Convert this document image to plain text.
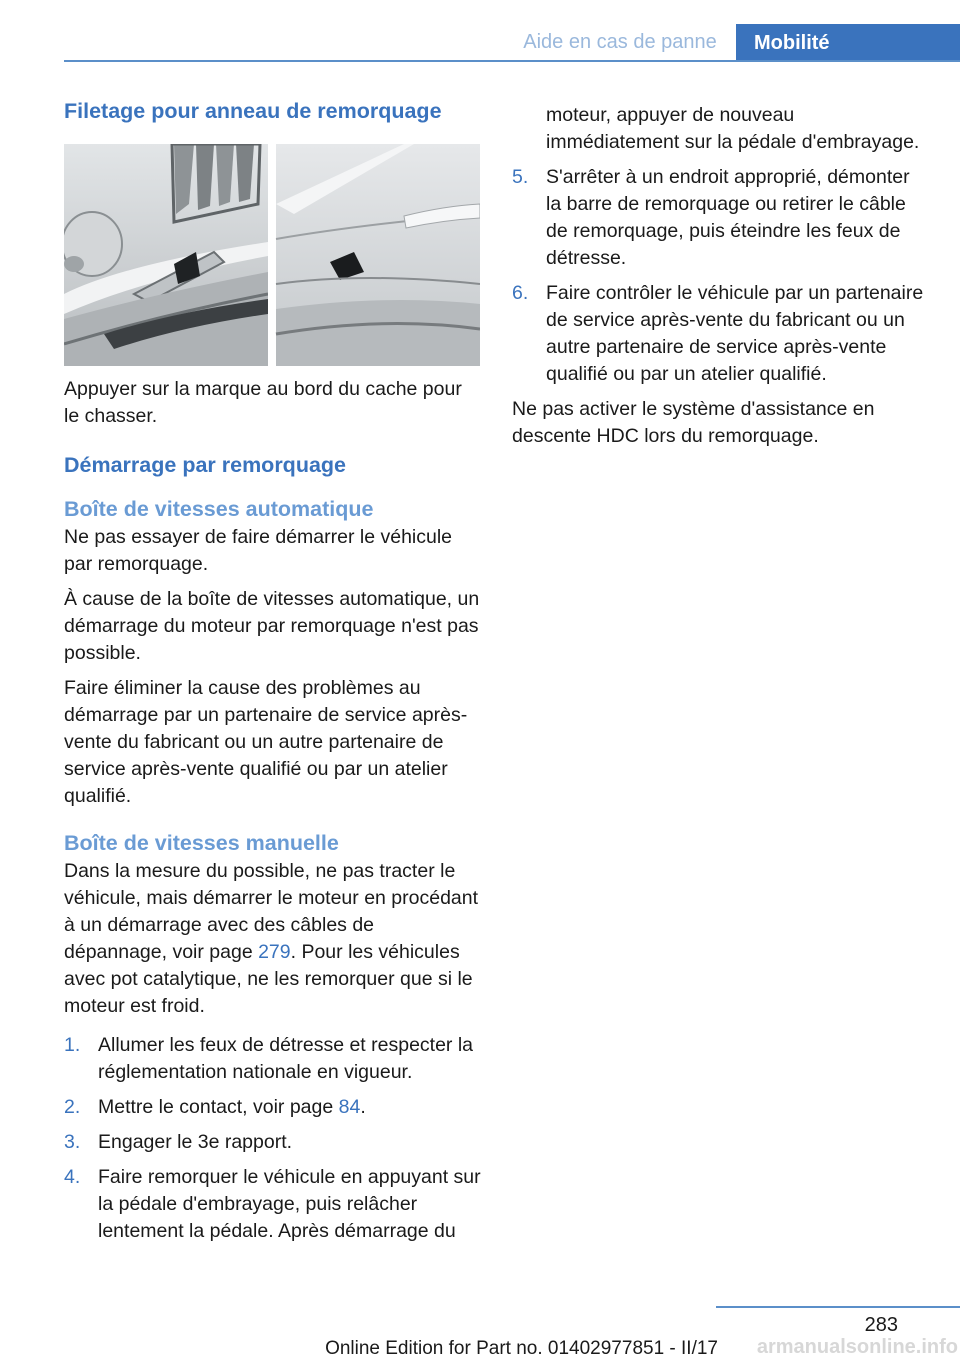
Aide en cas de panne	Mobilité
Filetage pour anneau de remorquage

Appuyer sur la marque au bord du cache pour le chasser.

Démarrage par remorquage
Boîte de vitesses automatique

Ne pas essayer de faire démarrer le véhicule par remorquage.

À cause de la boîte de vitesses automatique, un démarrage du moteur par remorquage n'est pas possible.

Faire éliminer la cause des problèmes au démarrage par un partenaire de service après-vente du fabricant ou un autre partenaire de service après-vente qualifié ou par un atelier qualifié.

Boîte de vitesses manuelle

Dans la mesure du possible, ne pas tracter le véhicule, mais démarrer le moteur en procédant à un démarrage avec des câbles de dépannage, voir page 279. Pour les véhicules avec pot catalytique, ne les remorquer que si le moteur est froid.

1. Allumer les feux de détresse et respecter la réglementation nationale en vigueur.
2. Mettre le contact, voir page 84.
3. Engager le 3e rapport.
4. Faire remorquer le véhicule en appuyant sur la pédale d'embrayage, puis relâcher lentement la pédale. Après démarrage du
moteur, appuyer de nouveau immédiatement sur la pédale d'embrayage.
5. S'arrêter à un endroit approprié, démonter la barre de remorquage ou retirer le câble de remorquage, puis éteindre les feux de détresse.
6. Faire contrôler le véhicule par un partenaire de service après-vente du fabricant ou un autre partenaire de service après-vente qualifié ou par un atelier qualifié.

Ne pas activer le système d'assistance en descente HDC lors du remorquage.

283
Online Edition for Part no. 01402977851 - II/17 armanualsonline.info
